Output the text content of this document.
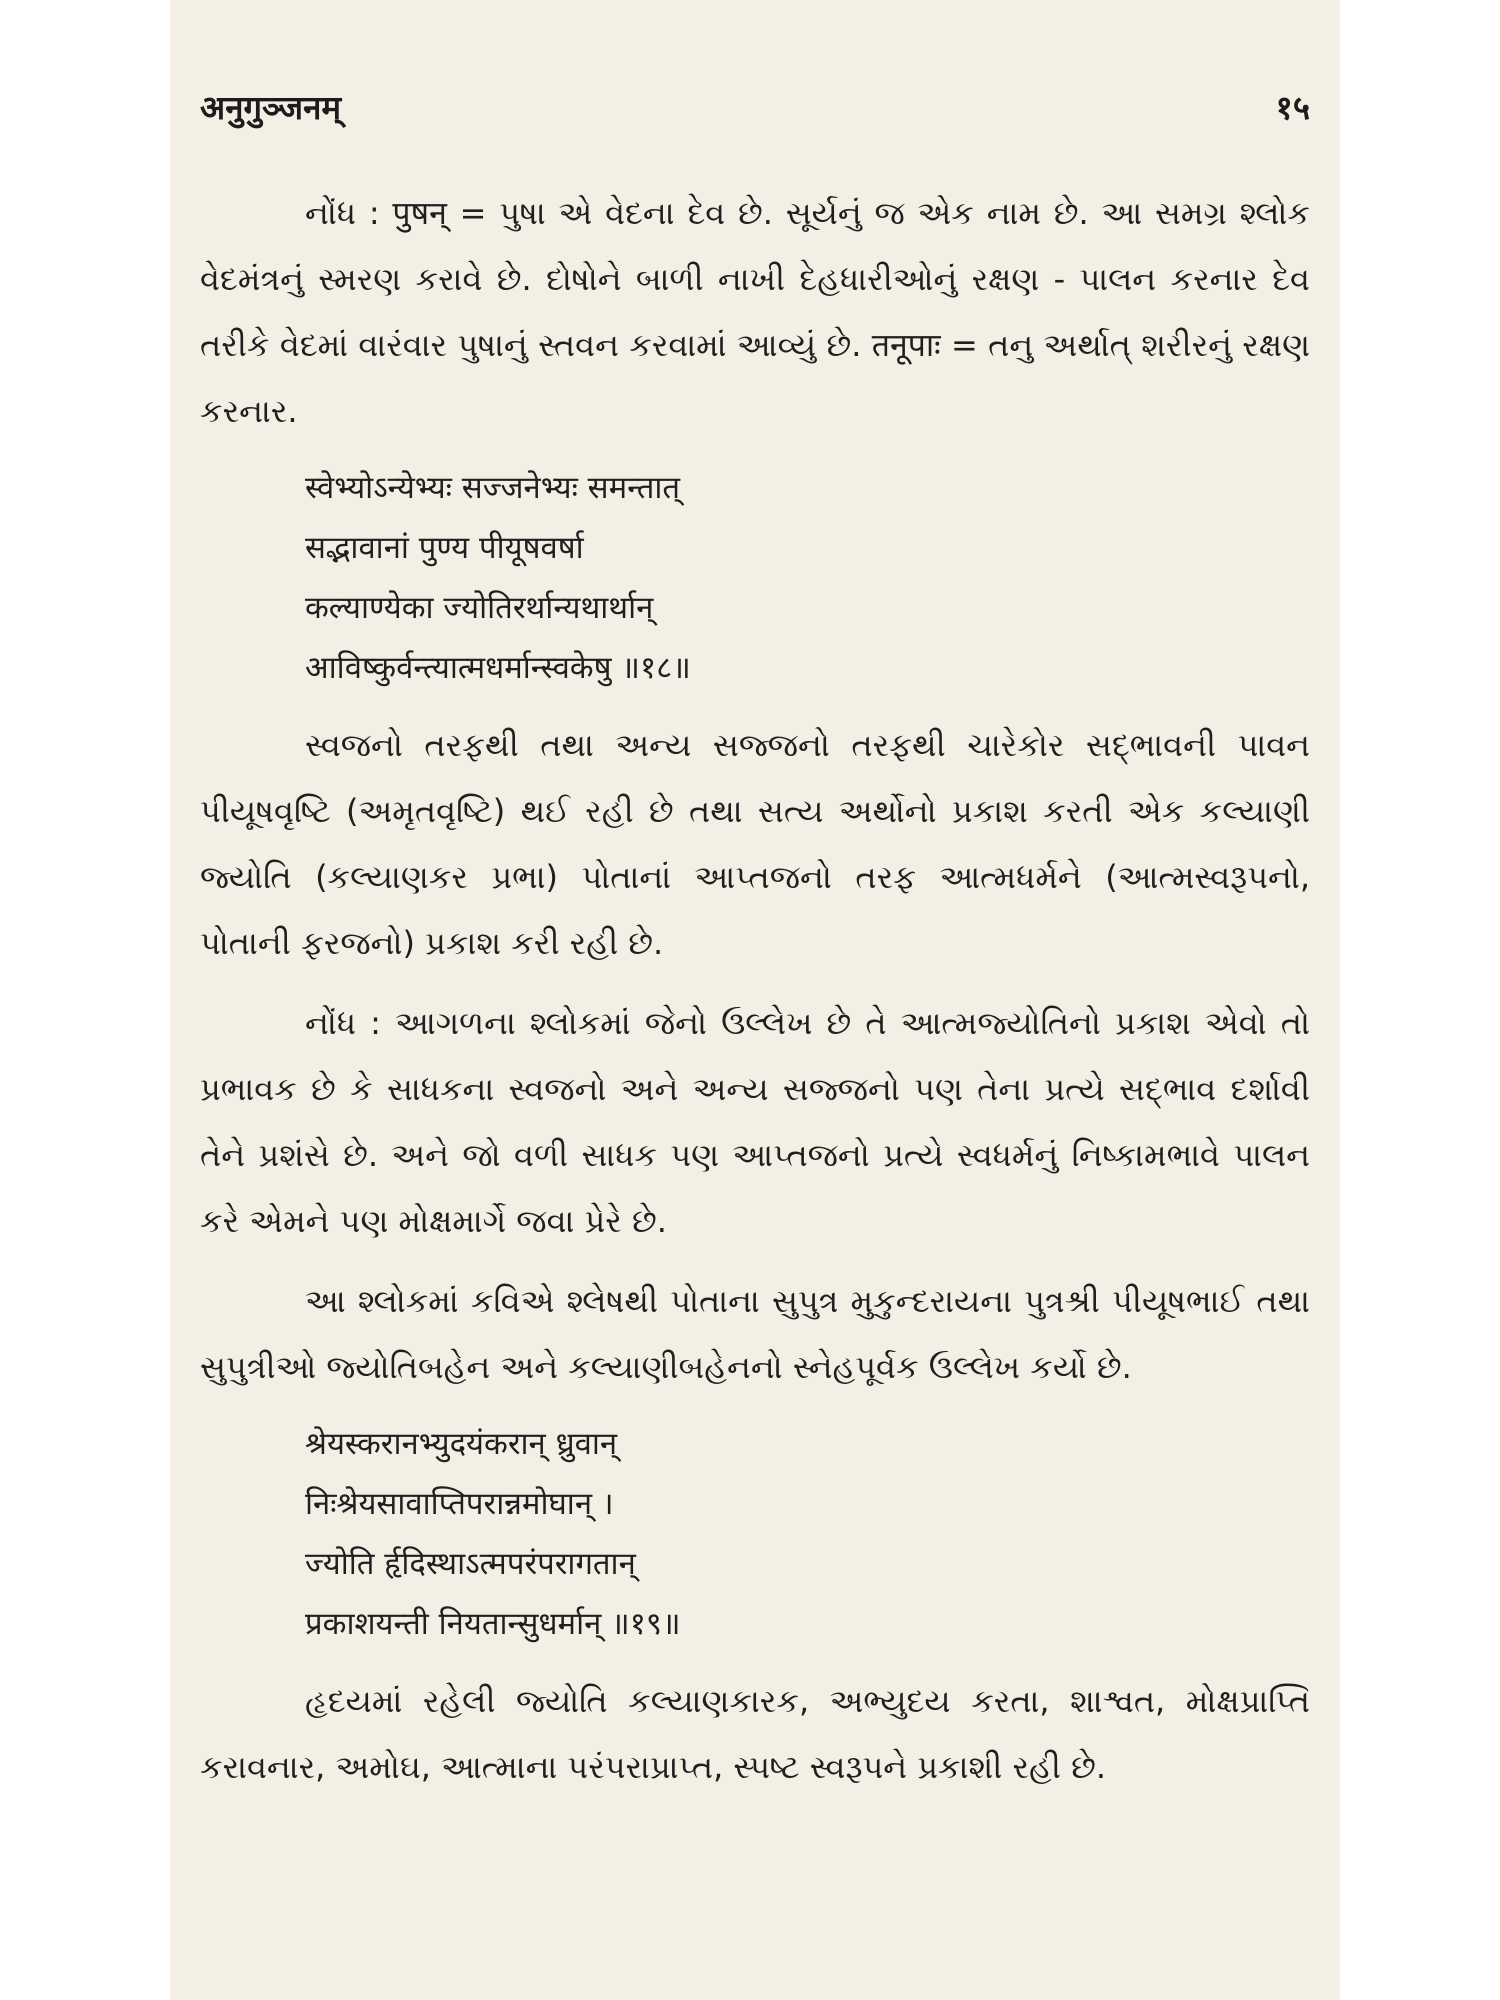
अनुगुञ्जनम्	१५

નોંધ : पुषन् = પુષા એ વેદના દેવ છે. સૂર્યનું જ એક નામ છે. આ સમગ્ર શ્લોક વેદમંત્રનું સ્મરણ કરાવે છે. દોષોને બાળી નાખી દેહધારીઓનું રક્ષણ - પાલન કરનાર દેવ તરીકે વેદમાં વારંવાર પુષાનું સ્તવન કરવામાં આવ્યું છે. तनूपाः = તનુ અર્થાત્ શરીરનું રક્ષણ કરનાર.

स्वेभ्योऽन्येभ्यः सज्जनेभ्यः समन्तात्
सद्भावानां पुण्य पीयूषवर्षा
कल्याण्येका ज्योतिरर्थान्यथार्थान्
आविष्कुर्वन्त्यात्मधर्मान्स्वकेषु ॥१८॥

સ્વજનો તરફથી તથા અન્ય સજ્જનો તરફથી ચારેકોર સદ્ભાવની પાવન પીયૂષવૃષ્ટિ (અમૃતવૃષ્ટિ) થઈ રહી છે તથા સત્ય અર્થોનો પ્રકાશ કરતી એક કલ્યાણી જ્યોતિ (કલ્યાણકર પ્રભા) પોતાનાં આપ્તજનો તરફ આત્મધર્મને (આત્મસ્વરૂપનો, પોતાની ફરજનો) પ્રકાશ કરી રહી છે.

નોંધ : આગળના શ્લોકમાં જેનો ઉલ્લેખ છે તે આત્મજ્યોતિનો પ્રકાશ એવો તો પ્રભાવક છે કે સાધકના સ્વજનો અને અન્ય સજ્જનો પણ તેના પ્રત્યે સદ્ભાવ દર્શાવી તેને પ્રશંસે છે. અને જો વળી સાધક પણ આપ્તજનો પ્રત્યે સ્વધર્મનું નિષ્કામભાવે પાલન કરે એમને પણ મોક્ષમાર્ગે જવા પ્રેરે છે.

આ શ્લોકમાં કવિએ શ્લેષથી પોતાના સુપુત્ર મુકુન્દરાયના પુત્રશ્રી પીયૂષભાઈ તથા સુપુત્રીઓ જ્યોતિબહેન અને કલ્યાણીબહેનનો સ્નેહપૂર્વક ઉલ્લેખ કર્યો છે.

श्रेयस्करानभ्युदयंकरान् ध्रुवान्
निःश्रेयसावाप्तिपरान्नमोघान् ।
ज्योति र्हृदिस्थाऽत्मपरंपरागतान्
प्रकाशयन्ती नियतान्सुधर्मान् ॥१९॥

હૃદયમાં રહેલી જ્યોતિ કલ્યાણકારક, અભ્યુદય કરતા, શાશ્વત, મોક્ષપ્રાપ્તિ કરાવનાર, અમોઘ, આત્માના પરંપરાપ્રાપ્ત, સ્પષ્ટ સ્વરૂપને પ્રકાશી રહી છે.
